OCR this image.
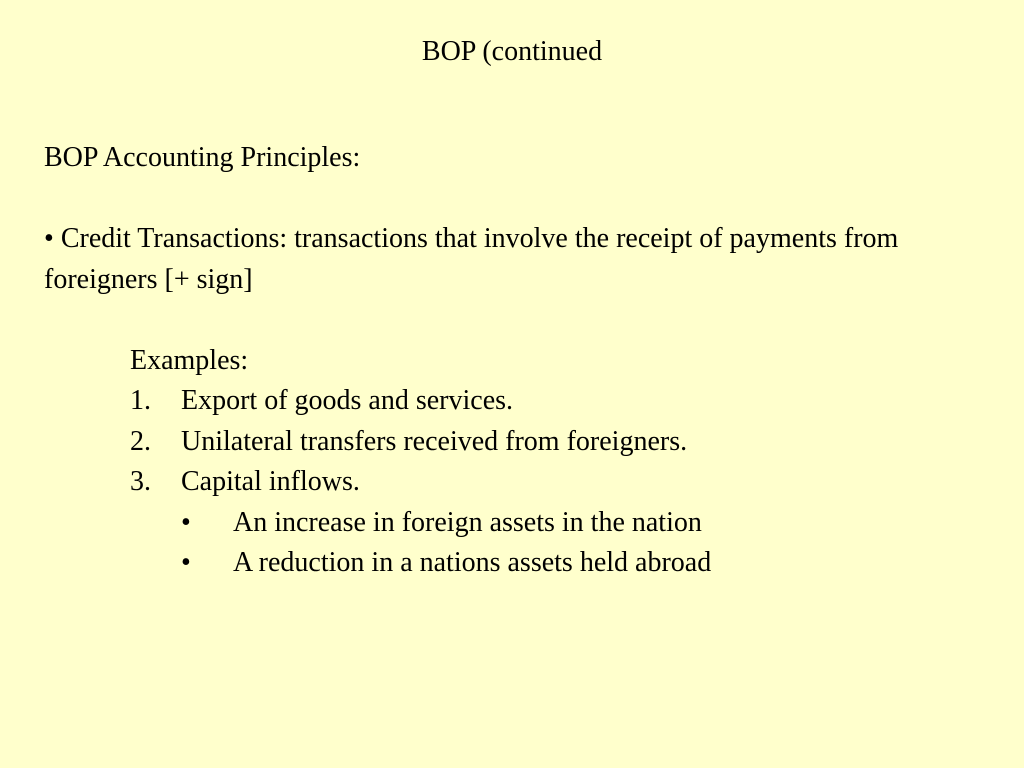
BOP (continued
BOP Accounting Principles:
• Credit Transactions: transactions that involve the receipt of payments from foreigners [+ sign]
Examples:
1.	Export of goods and services.
2.	Unilateral transfers received from foreigners.
3.	Capital inflows.
•	An increase in foreign assets in the nation
•	A reduction in a nations assets held abroad
